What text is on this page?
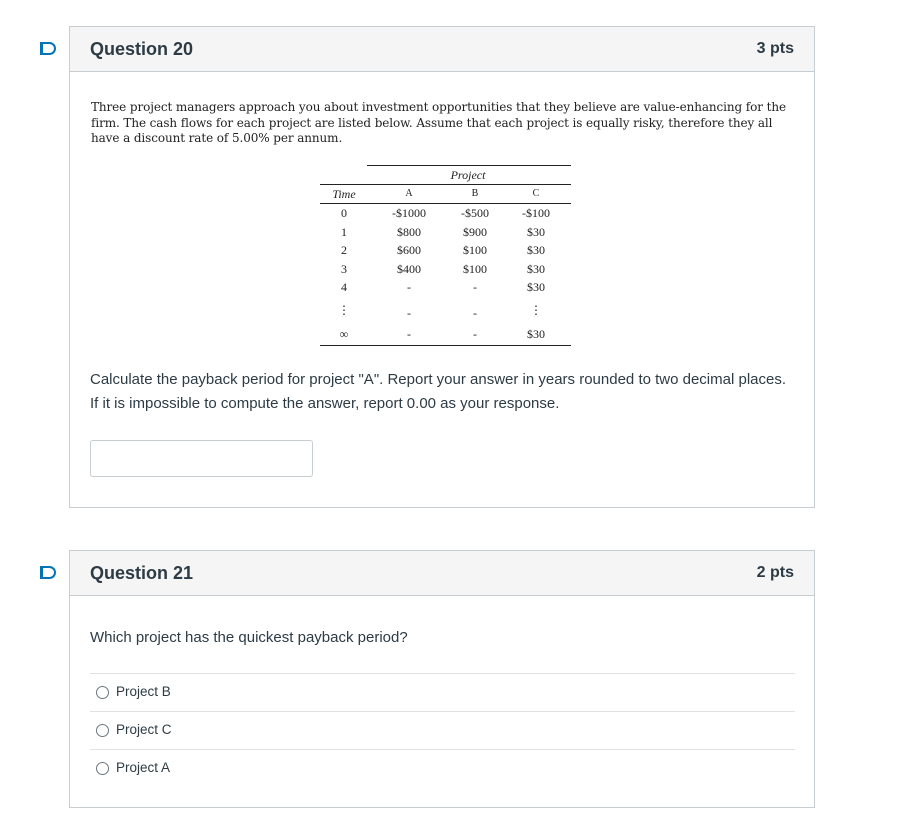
Question 20	3 pts
Three project managers approach you about investment opportunities that they believe are value-enhancing for the firm. The cash flows for each project are listed below. Assume that each project is equally risky, therefore they all have a discount rate of 5.00% per annum.
Project
Time	A	B	C
0	-$1000	-$500	-$100
1	$800	$900	$30
2	$600	$100	$30
3	$400	$100	$30
4	-	-	$30
⋮	-	-	⋮
∞	-	-	$30
Calculate the payback period for project "A". Report your answer in years rounded to two decimal places. If it is impossible to compute the answer, report 0.00 as your response.
Question 21	2 pts
Which project has the quickest payback period?
Project B
Project C
Project A
